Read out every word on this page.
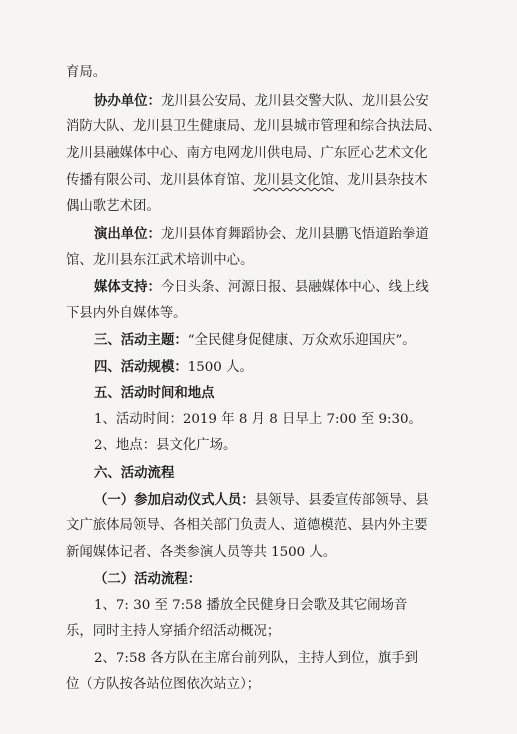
育局。
协办单位：龙川县公安局、龙川县交警大队、龙川县公安
消防大队、龙川县卫生健康局、龙川县城市管理和综合执法局、
龙川县融媒体中心、南方电网龙川供电局、广东匠心艺术文化
传播有限公司、龙川县体育馆、龙川县文化馆、龙川县杂技木
偶山歌艺术团。
演出单位：龙川县体育舞蹈协会、龙川县鹏飞悟道跆拳道
馆、龙川县东江武术培训中心。
媒体支持：今日头条、河源日报、县融媒体中心、线上线
下县内外自媒体等。
三、活动主题：“全民健身促健康、万众欢乐迎国庆”。
四、活动规模：1500 人。
五、活动时间和地点
1、活动时间：2019 年 8 月 8 日早上 7:00 至 9:30。
2、地点：县文化广场。
六、活动流程
（一）参加启动仪式人员：县领导、县委宣传部领导、县
文广旅体局领导、各相关部门负责人、道德模范、县内外主要
新闻媒体记者、各类参演人员等共 1500 人。
（二）活动流程：
1、7: 30 至 7:58 播放全民健身日会歌及其它闹场音
乐，同时主持人穿插介绍活动概况；
2、7:58 各方队在主席台前列队，主持人到位，旗手到
位（方队按各站位图依次站立）；
